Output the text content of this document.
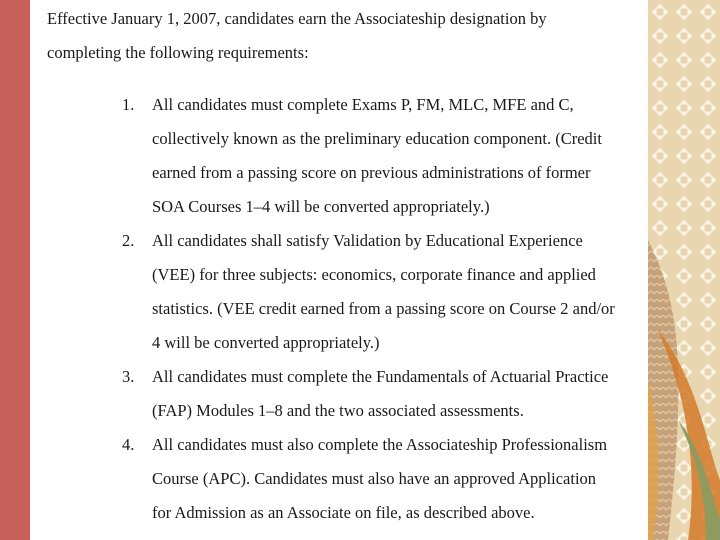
Effective January 1, 2007, candidates earn the Associateship designation by
completing the following requirements:
1. All candidates must complete Exams P, FM, MLC, MFE and C,
collectively known as the preliminary education component. (Credit
earned from a passing score on previous administrations of former
SOA Courses 1–4 will be converted appropriately.)
2. All candidates shall satisfy Validation by Educational Experience
(VEE) for three subjects: economics, corporate finance and applied
statistics. (VEE credit earned from a passing score on Course 2 and/or
4 will be converted appropriately.)
3. All candidates must complete the Fundamentals of Actuarial Practice
(FAP) Modules 1–8 and the two associated assessments.
4. All candidates must also complete the Associateship Professionalism
Course (APC). Candidates must also have an approved Application
for Admission as an Associate on file, as described above.
